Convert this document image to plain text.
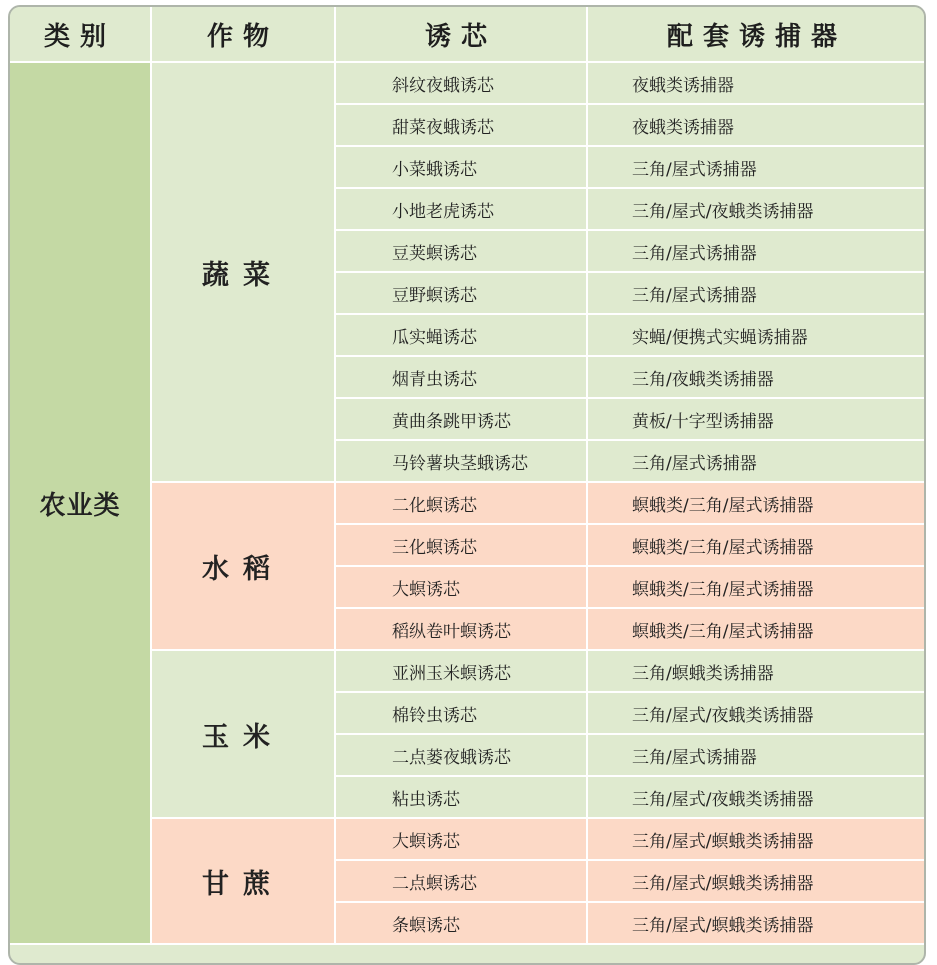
类别	作物	诱芯	配套诱捕器
农业类	蔬菜	斜纹夜蛾诱芯	夜蛾类诱捕器
		甜菜夜蛾诱芯	夜蛾类诱捕器
		小菜蛾诱芯	三角/屋式诱捕器
		小地老虎诱芯	三角/屋式/夜蛾类诱捕器
		豆荚螟诱芯	三角/屋式诱捕器
		豆野螟诱芯	三角/屋式诱捕器
		瓜实蝇诱芯	实蝇/便携式实蝇诱捕器
		烟青虫诱芯	三角/夜蛾类诱捕器
		黄曲条跳甲诱芯	黄板/十字型诱捕器
		马铃薯块茎蛾诱芯	三角/屋式诱捕器
	水稻	二化螟诱芯	螟蛾类/三角/屋式诱捕器
		三化螟诱芯	螟蛾类/三角/屋式诱捕器
		大螟诱芯	螟蛾类/三角/屋式诱捕器
		稻纵卷叶螟诱芯	螟蛾类/三角/屋式诱捕器
	玉米	亚洲玉米螟诱芯	三角/螟蛾类诱捕器
		棉铃虫诱芯	三角/屋式/夜蛾类诱捕器
		二点蒌夜蛾诱芯	三角/屋式诱捕器
		粘虫诱芯	三角/屋式/夜蛾类诱捕器
	甘蔗	大螟诱芯	三角/屋式/螟蛾类诱捕器
		二点螟诱芯	三角/屋式/螟蛾类诱捕器
		条螟诱芯	三角/屋式/螟蛾类诱捕器
